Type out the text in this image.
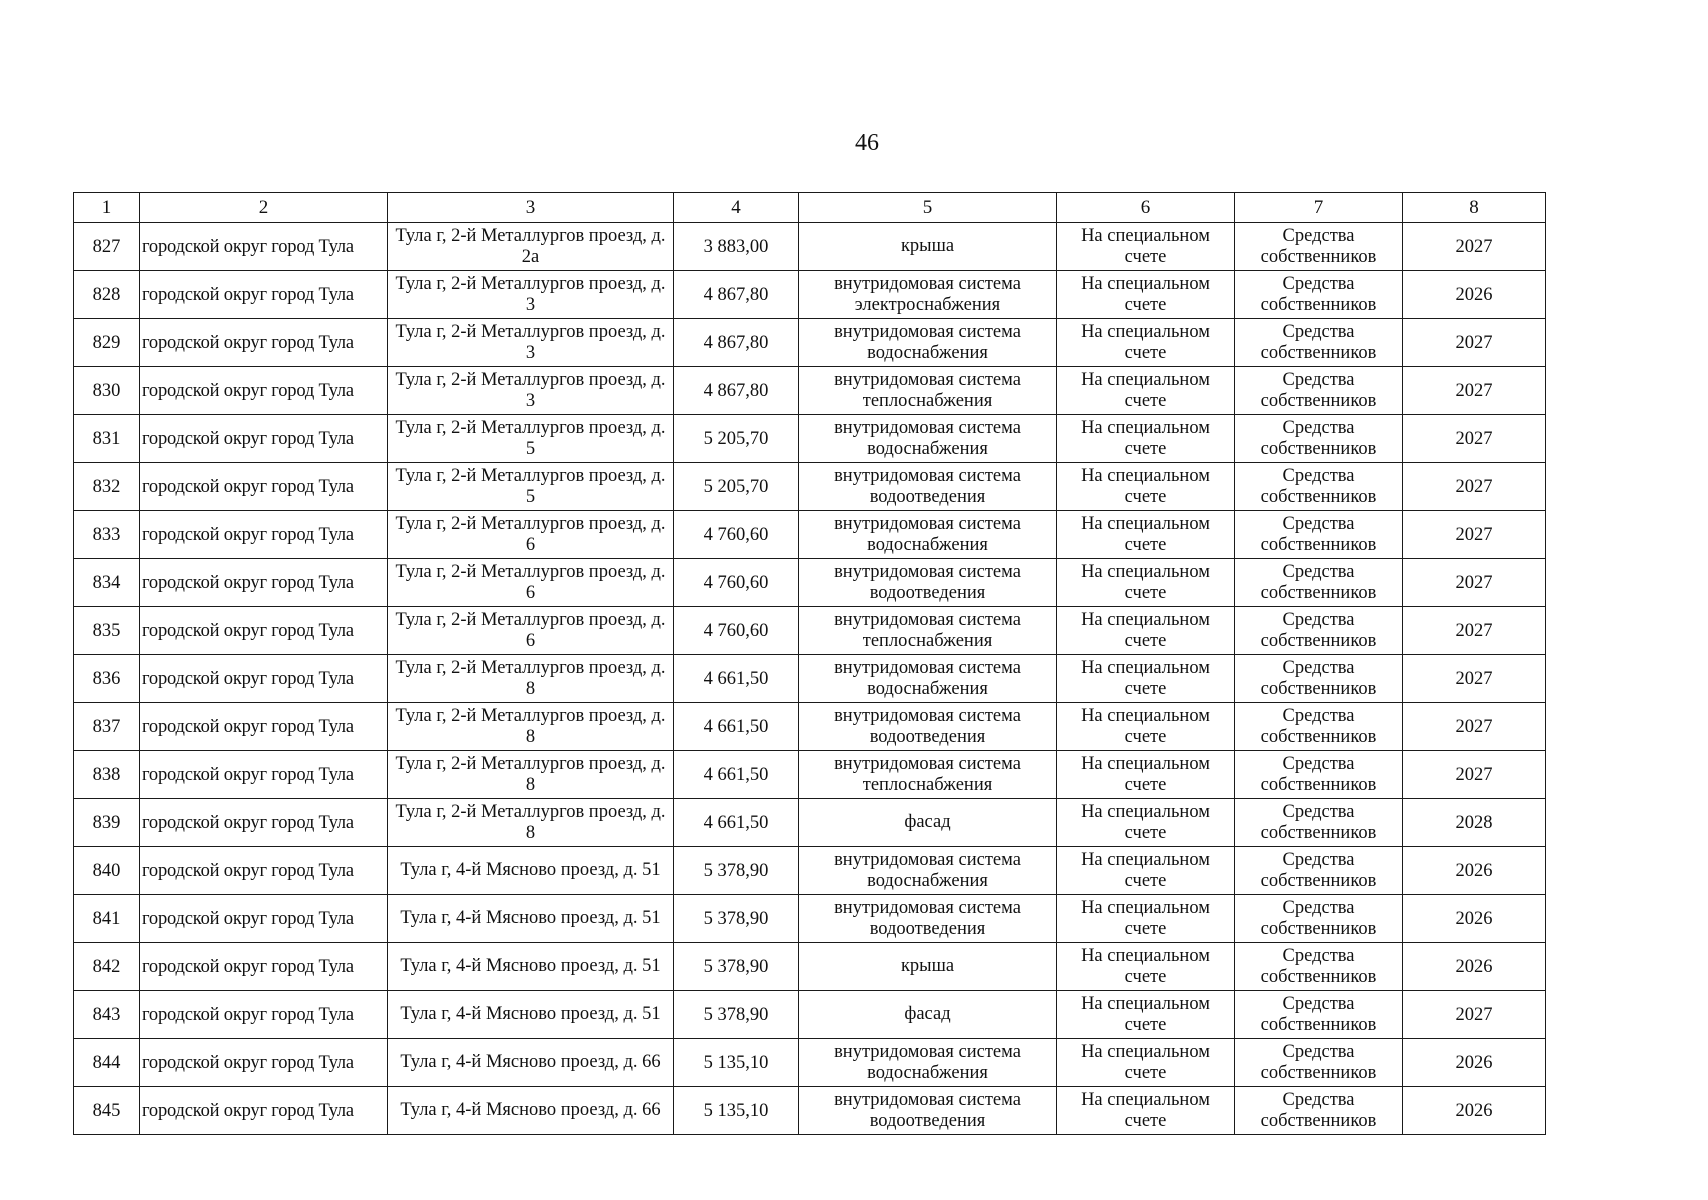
46
1	2	3	4	5	6	7	8
827	городской округ город Тула	Тула г, 2-й Металлургов проезд, д. 2а	3 883,00	крыша	На специальном счете	Средства собственников	2027
828	городской округ город Тула	Тула г, 2-й Металлургов проезд, д. 3	4 867,80	внутридомовая система электроснабжения	На специальном счете	Средства собственников	2026
829	городской округ город Тула	Тула г, 2-й Металлургов проезд, д. 3	4 867,80	внутридомовая система водоснабжения	На специальном счете	Средства собственников	2027
830	городской округ город Тула	Тула г, 2-й Металлургов проезд, д. 3	4 867,80	внутридомовая система теплоснабжения	На специальном счете	Средства собственников	2027
831	городской округ город Тула	Тула г, 2-й Металлургов проезд, д. 5	5 205,70	внутридомовая система водоснабжения	На специальном счете	Средства собственников	2027
832	городской округ город Тула	Тула г, 2-й Металлургов проезд, д. 5	5 205,70	внутридомовая система водоотведения	На специальном счете	Средства собственников	2027
833	городской округ город Тула	Тула г, 2-й Металлургов проезд, д. 6	4 760,60	внутридомовая система водоснабжения	На специальном счете	Средства собственников	2027
834	городской округ город Тула	Тула г, 2-й Металлургов проезд, д. 6	4 760,60	внутридомовая система водоотведения	На специальном счете	Средства собственников	2027
835	городской округ город Тула	Тула г, 2-й Металлургов проезд, д. 6	4 760,60	внутридомовая система теплоснабжения	На специальном счете	Средства собственников	2027
836	городской округ город Тула	Тула г, 2-й Металлургов проезд, д. 8	4 661,50	внутридомовая система водоснабжения	На специальном счете	Средства собственников	2027
837	городской округ город Тула	Тула г, 2-й Металлургов проезд, д. 8	4 661,50	внутридомовая система водоотведения	На специальном счете	Средства собственников	2027
838	городской округ город Тула	Тула г, 2-й Металлургов проезд, д. 8	4 661,50	внутридомовая система теплоснабжения	На специальном счете	Средства собственников	2027
839	городской округ город Тула	Тула г, 2-й Металлургов проезд, д. 8	4 661,50	фасад	На специальном счете	Средства собственников	2028
840	городской округ город Тула	Тула г, 4-й Мясново проезд, д. 51	5 378,90	внутридомовая система водоснабжения	На специальном счете	Средства собственников	2026
841	городской округ город Тула	Тула г, 4-й Мясново проезд, д. 51	5 378,90	внутридомовая система водоотведения	На специальном счете	Средства собственников	2026
842	городской округ город Тула	Тула г, 4-й Мясново проезд, д. 51	5 378,90	крыша	На специальном счете	Средства собственников	2026
843	городской округ город Тула	Тула г, 4-й Мясново проезд, д. 51	5 378,90	фасад	На специальном счете	Средства собственников	2027
844	городской округ город Тула	Тула г, 4-й Мясново проезд, д. 66	5 135,10	внутридомовая система водоснабжения	На специальном счете	Средства собственников	2026
845	городской округ город Тула	Тула г, 4-й Мясново проезд, д. 66	5 135,10	внутридомовая система водоотведения	На специальном счете	Средства собственников	2026
